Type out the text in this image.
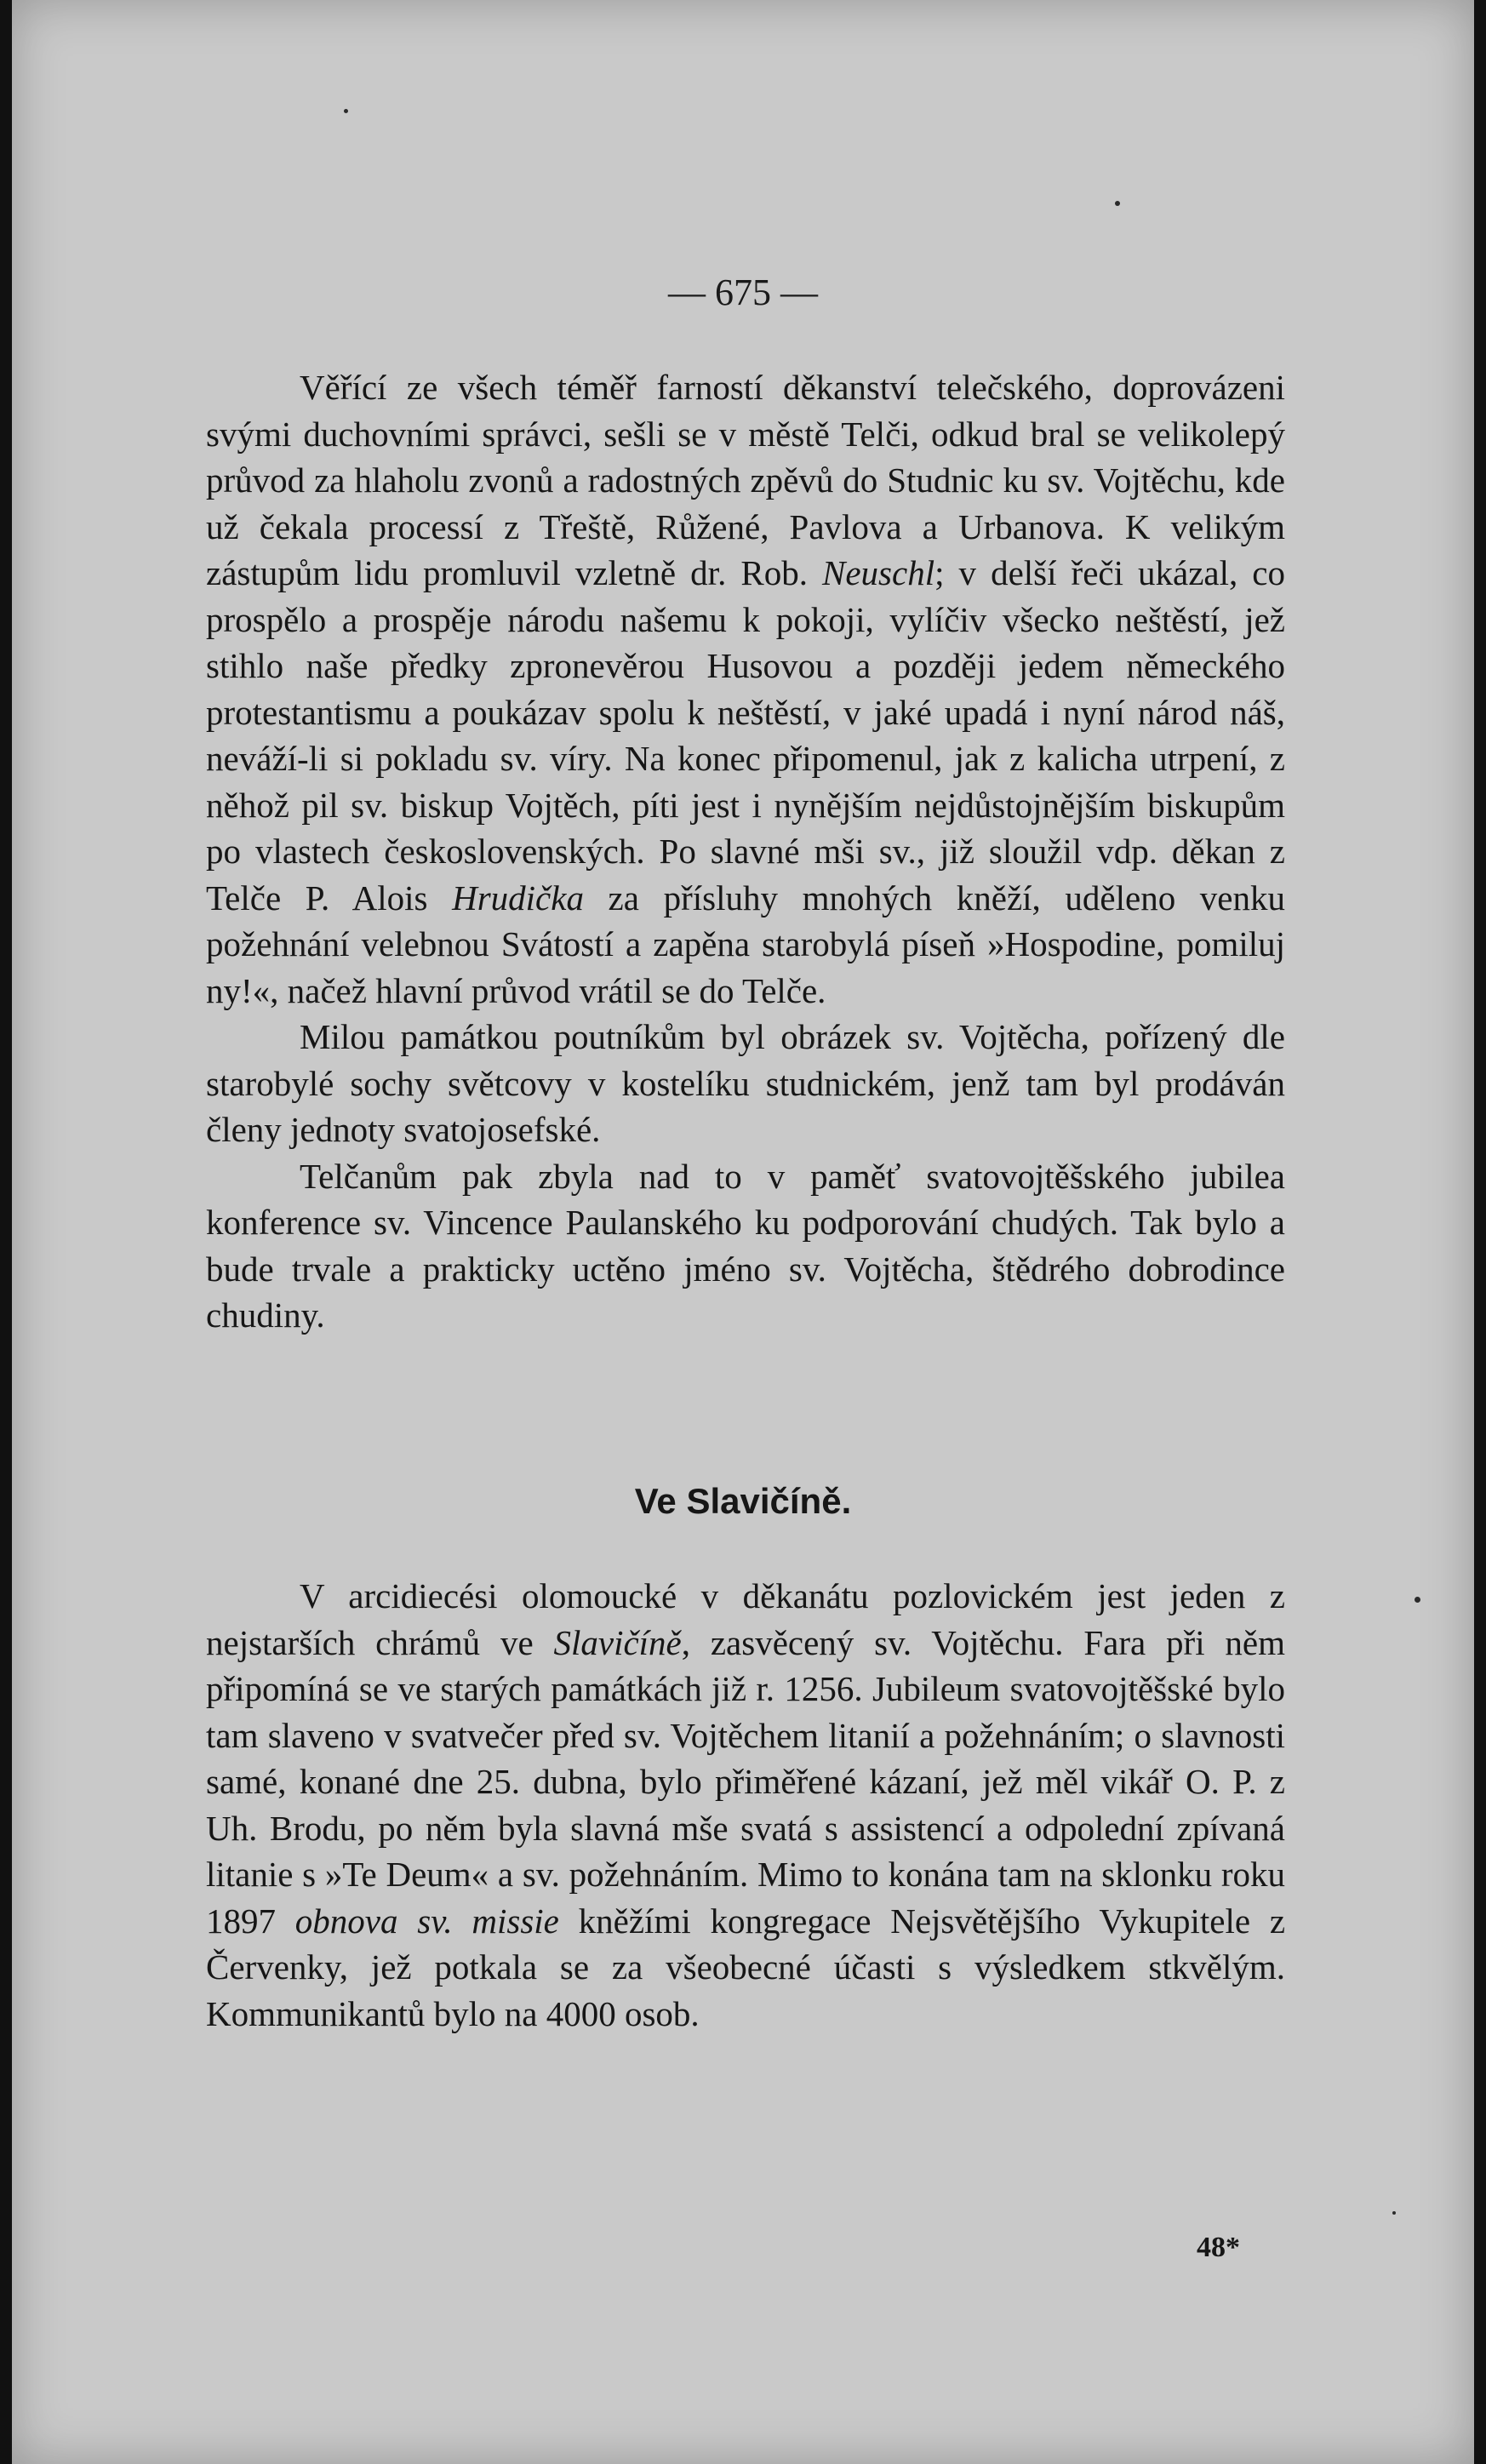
— 675 —

Věřící ze všech téměř farností děkanství telečského, doprovázeni svými duchovními správci, sešli se v městě Telči, odkud bral se velikolepý průvod za hlaholu zvonů a radostných zpěvů do Studnic ku sv. Vojtěchu, kde už čekala processí z Třeště, Růžené, Pavlova a Urbanova. K velikým zástupům lidu promluvil vzletně dr. Rob. Neuschl; v delší řeči ukázal, co prospělo a prospěje národu našemu k pokoji, vylíčiv všecko neštěstí, jež stihlo naše předky zpronevěrou Husovou a později jedem německého protestantismu a poukázav spolu k neštěstí, v jaké upadá i nyní národ náš, neváží-li si pokladu sv. víry. Na konec připomenul, jak z kalicha utrpení, z něhož pil sv. biskup Vojtěch, píti jest i nynějším nejdůstojnějším biskupům po vlastech československých. Po slavné mši sv., již sloužil vdp. děkan z Telče P. Alois Hrudička za přísluhy mnohých kněží, uděleno venku požehnání velebnou Svátostí a zapěna starobylá píseň »Hospodine, pomiluj ny!«, načež hlavní průvod vrátil se do Telče.

Milou památkou poutníkům byl obrázek sv. Vojtěcha, pořízený dle starobylé sochy světcovy v kostelíku studnickém, jenž tam byl prodáván členy jednoty svatojosefské.

Telčanům pak zbyla nad to v paměť svatovojtěšského jubilea konference sv. Vincence Paulanského ku podporování chudých. Tak bylo a bude trvale a prakticky uctěno jméno sv. Vojtěcha, štědrého dobrodince chudiny.

Ve Slavičíně.

V arcidiecési olomoucké v děkanátu pozlovickém jest jeden z nejstarších chrámů ve Slavičíně, zasvěcený sv. Vojtěchu. Fara při něm připomíná se ve starých památkách již r. 1256. Jubileum svatovojtěšské bylo tam slaveno v svatvečer před sv. Vojtěchem litanií a požehnáním; o slavnosti samé, konané dne 25. dubna, bylo přiměřené kázaní, jež měl vikář O. P. z Uh. Brodu, po něm byla slavná mše svatá s assistencí a odpolední zpívaná litanie s »Te Deum« a sv. požehnáním. Mimo to konána tam na sklonku roku 1897 obnova sv. missie kněžími kongregace Nejsvětějšího Vykupitele z Červenky, jež potkala se za všeobecné účasti s výsledkem stkvělým. Kommunikantů bylo na 4000 osob.

48*
